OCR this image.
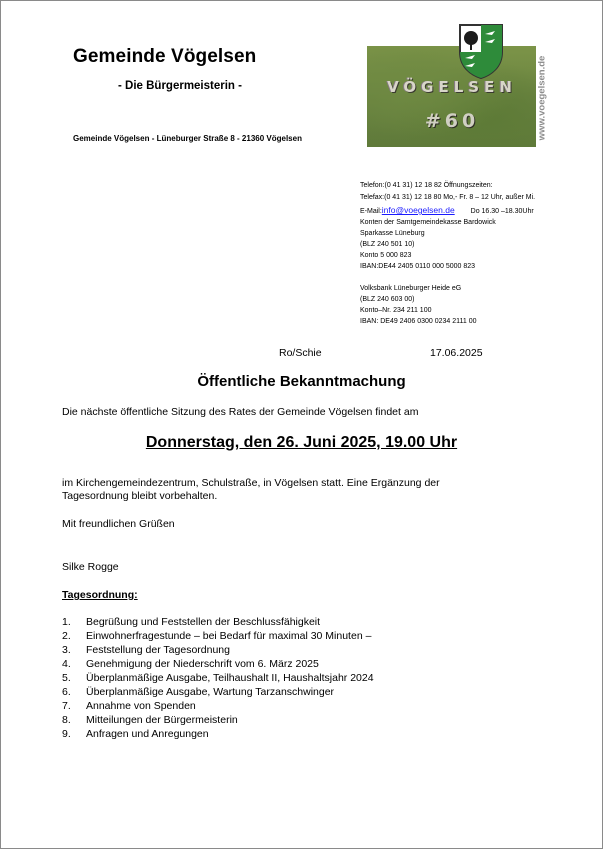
Gemeinde Vögelsen
- Die Bürgermeisterin -
Gemeinde Vögelsen - Lüneburger Straße 8 - 21360 Vögelsen
VÖGELSEN
#60	www.voegelsen.de
Telefon:(0 41 31) 12 18 82 Öffnungszeiten:
Telefax:(0 41 31) 12 18 80 Mo,- Fr. 8 – 12 Uhr, außer Mi.
E-Mail:info@voegelsen.de Do 16.30 –18.30Uhr
Konten der Samtgemeindekasse Bardowick
Sparkasse Lüneburg
(BLZ 240 501 10)
Konto 5 000 823
IBAN:DE44 2405 0110 000 5000 823
Volksbank Lüneburger Heide eG
(BLZ 240 603 00)
Konto–Nr. 234 211 100
IBAN: DE49 2406 0300 0234 2111 00
Ro/Schie	17.06.2025
Öffentliche Bekanntmachung
Die nächste öffentliche Sitzung des Rates der Gemeinde Vögelsen findet am
Donnerstag, den 26. Juni 2025, 19.00 Uhr
im Kirchengemeindezentrum, Schulstraße, in Vögelsen statt. Eine Ergänzung der
Tagesordnung bleibt vorbehalten.
Mit freundlichen Grüßen
Silke Rogge
Tagesordnung:
1.	Begrüßung und Feststellen der Beschlussfähigkeit
2.	Einwohnerfragestunde – bei Bedarf für maximal 30 Minuten –
3.	Feststellung der Tagesordnung
4.	Genehmigung der Niederschrift vom 6. März 2025
5.	Überplanmäßige Ausgabe, Teilhaushalt II, Haushaltsjahr 2024
6.	Überplanmäßige Ausgabe, Wartung Tarzanschwinger
7.	Annahme von Spenden
8.	Mitteilungen der Bürgermeisterin
9.	Anfragen und Anregungen
